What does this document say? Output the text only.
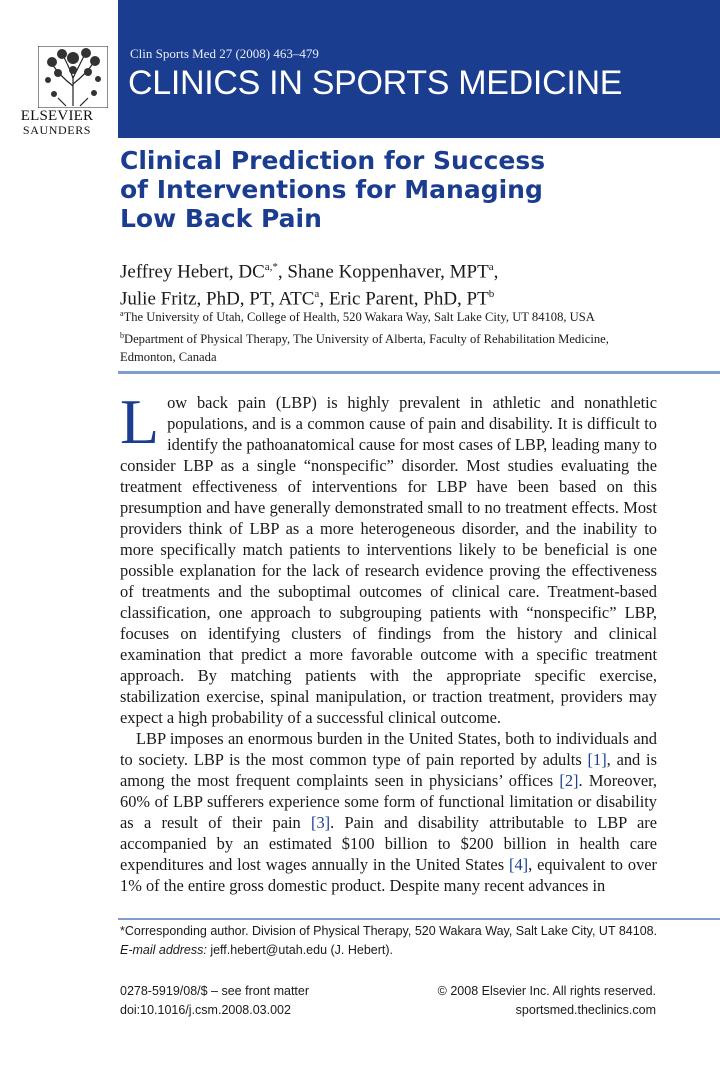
ELSEVIER
SAUNDERS
Clin Sports Med 27 (2008) 463–479
CLINICS IN SPORTS MEDICINE
Clinical Prediction for Success
of Interventions for Managing
Low Back Pain
Jeffrey Hebert, $DC^{a,*}$, Shane Koppenhaver, MPT$^a$,
Julie Fritz, PhD, PT, ATC$^a$, Eric Parent, PhD, $PT^b$
$^a$The University of Utah, College of Health, 520 Wakara Way, Salt Lake City, UT 84108, USA
$^b$Department of Physical Therapy, The University of Alberta, Faculty of Rehabilitation Medicine, Edmonton, Canada

Low back pain (LBP) is highly prevalent in athletic and nonathletic populations, and is a common cause of pain and disability. It is difficult to identify the pathoanatomical cause for most cases of LBP, leading many to consider LBP as a single “nonspecific” disorder. Most studies evaluating the treatment effectiveness of interventions for LBP have been based on this presumption and have generally demonstrated small to no treatment effects. Most providers think of LBP as a more heterogeneous disorder, and the inability to more specifically match patients to interventions likely to be beneficial is one possible explanation for the lack of research evidence proving the effectiveness of treatments and the suboptimal outcomes of clinical care. Treatment-based classification, one approach to subgrouping patients with “nonspecific” LBP, focuses on identifying clusters of findings from the history and clinical examination that predict a more favorable outcome with a specific treatment approach. By matching patients with the appropriate specific exercise, stabilization exercise, spinal manipulation, or traction treatment, providers may expect a high probability of a successful clinical outcome.

LBP imposes an enormous burden in the United States, both to individuals and to society. LBP is the most common type of pain reported by adults [1], and is among the most frequent complaints seen in physicians’ offices [2]. Moreover, 60% of LBP sufferers experience some form of functional limitation or disability as a result of their pain [3]. Pain and disability attributable to LBP are accompanied by an estimated $100 billion to $200 billion in health care expenditures and lost wages annually in the United States [4], equivalent to over 1% of the entire gross domestic product. Despite many recent advances in

*Corresponding author. Division of Physical Therapy, 520 Wakara Way, Salt Lake City, UT 84108. E-mail address: jeff.hebert@utah.edu (J. Hebert).

0278-5919/08/$ – see front matter
doi:10.1016/j.csm.2008.03.002
© 2008 Elsevier Inc. All rights reserved.
sportsmed.theclinics.com
